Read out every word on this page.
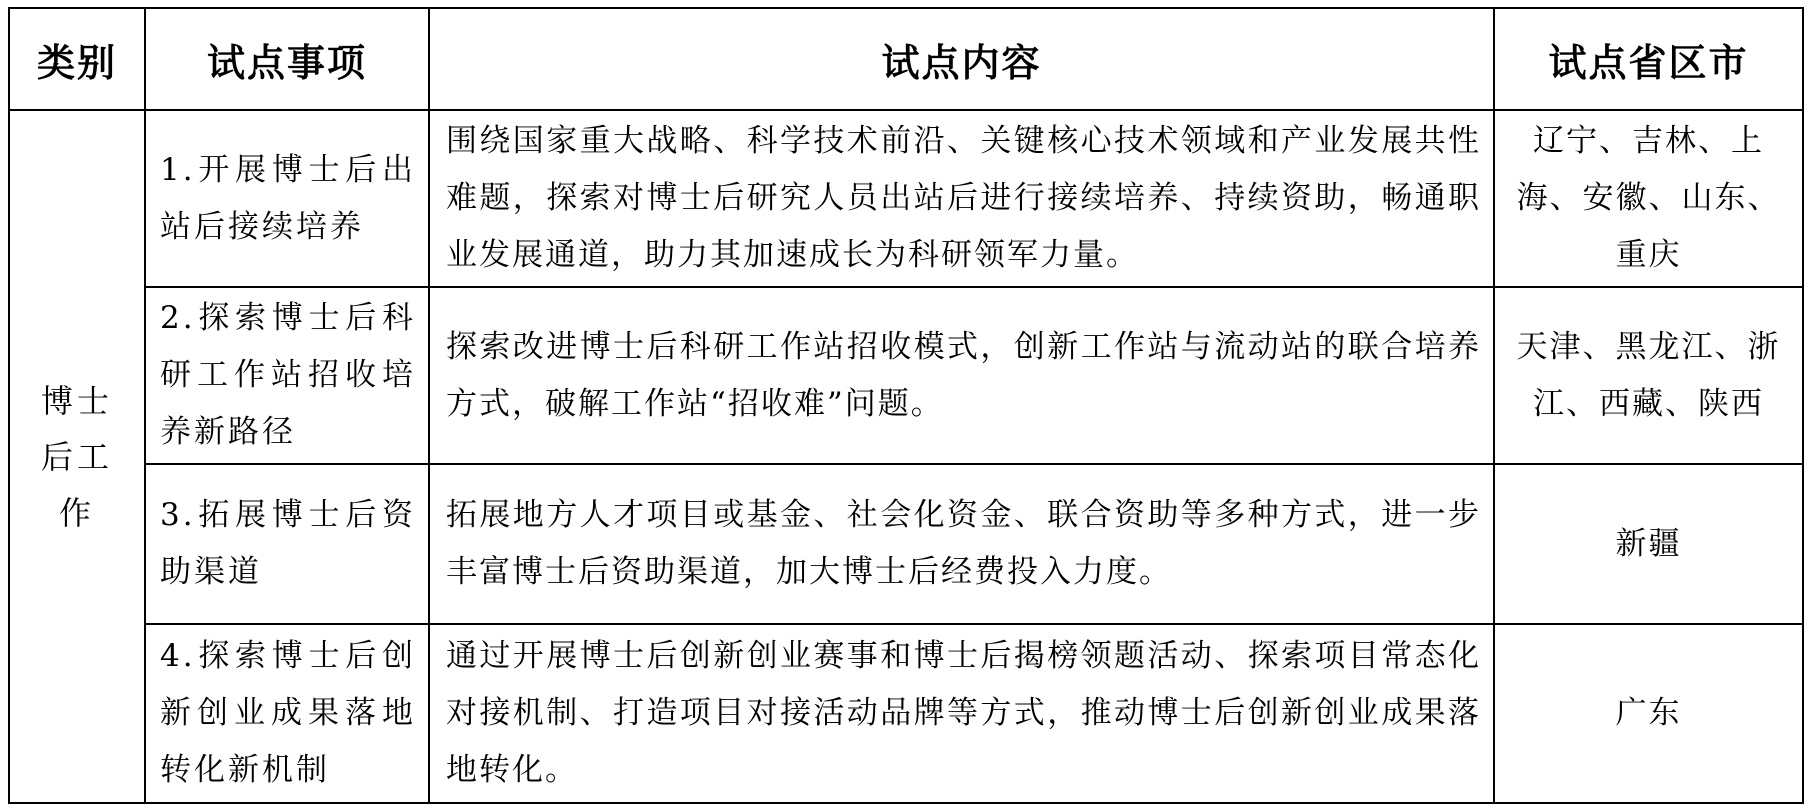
类别	试点事项	试点内容	试点省区市
博士后工作	1.开展博士后出站后接续培养	围绕国家重大战略、科学技术前沿、关键核心技术领域和产业发展共性难题，探索对博士后研究人员出站后进行接续培养、持续资助，畅通职业发展通道，助力其加速成长为科研领军力量。	辽宁、吉林、上海、安徽、山东、重庆
	2.探索博士后科研工作站招收培养新路径	探索改进博士后科研工作站招收模式，创新工作站与流动站的联合培养方式，破解工作站“招收难”问题。	天津、黑龙江、浙江、西藏、陕西
	3.拓展博士后资助渠道	拓展地方人才项目或基金、社会化资金、联合资助等多种方式，进一步丰富博士后资助渠道，加大博士后经费投入力度。	新疆
	4.探索博士后创新创业成果落地转化新机制	通过开展博士后创新创业赛事和博士后揭榜领题活动、探索项目常态化对接机制、打造项目对接活动品牌等方式，推动博士后创新创业成果落地转化。	广东
